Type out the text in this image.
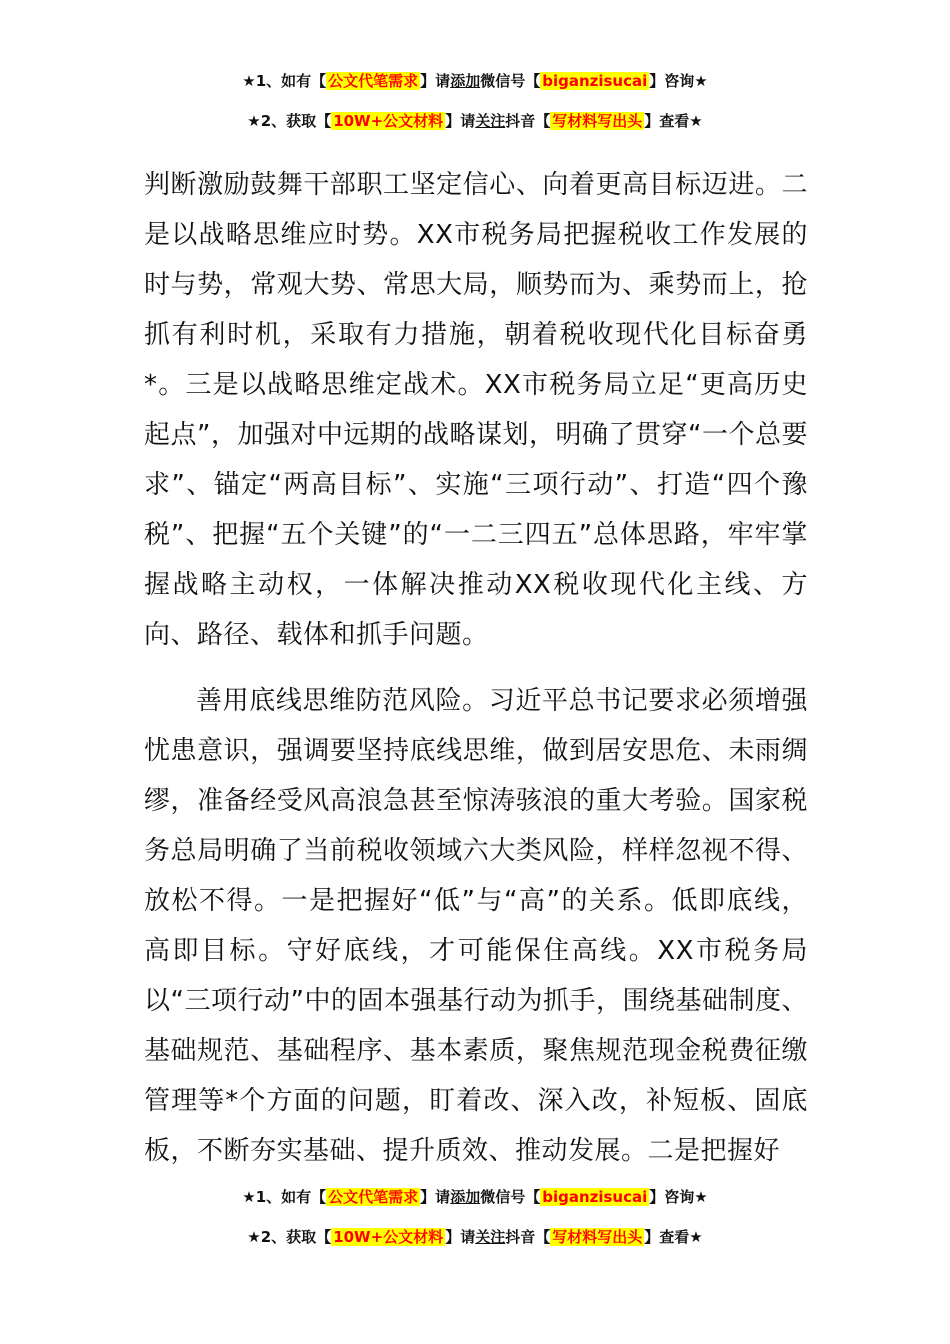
★1、如有【 公文代笔需求 】请添加微信号【 biganzisucai 】咨询★
★2、获取【 10W+公文材料 】请关注抖音【 写材料写出头 】查看★

判断激励鼓舞干部职工坚定信心、向着更高目标迈进。二是以战略思维应时势。XX市税务局把握税收工作发展的时与势，常观大势、常思大局，顺势而为、乘势而上，抢抓有利时机，采取有力措施，朝着税收现代化目标奋勇*。三是以战略思维定战术。XX市税务局立足“更高历史起点”，加强对中远期的战略谋划，明确了贯穿“一个总要求”、锚定“两高目标”、实施“三项行动”、打造“四个豫税”、把握“五个关键”的“一二三四五”总体思路，牢牢掌握战略主动权，一体解决推动XX税收现代化主线、方向、路径、载体和抓手问题。

善用底线思维防范风险。习近平总书记要求必须增强忧患意识，强调要坚持底线思维，做到居安思危、未雨绸缪，准备经受风高浪急甚至惊涛骇浪的重大考验。国家税务总局明确了当前税收领域六大类风险，样样忽视不得、放松不得。一是把握好“低”与“高”的关系。低即底线，高即目标。守好底线，才可能保住高线。XX市税务局以“三项行动”中的固本强基行动为抓手，围绕基础制度、基础规范、基础程序、基本素质，聚焦规范现金税费征缴管理等*个方面的问题，盯着改、深入改，补短板、固底板，不断夯实基础、提升质效、推动发展。二是把握好

★1、如有【 公文代笔需求 】请添加微信号【 biganzisucai 】咨询★
★2、获取【 10W+公文材料 】请关注抖音【 写材料写出头 】查看★
